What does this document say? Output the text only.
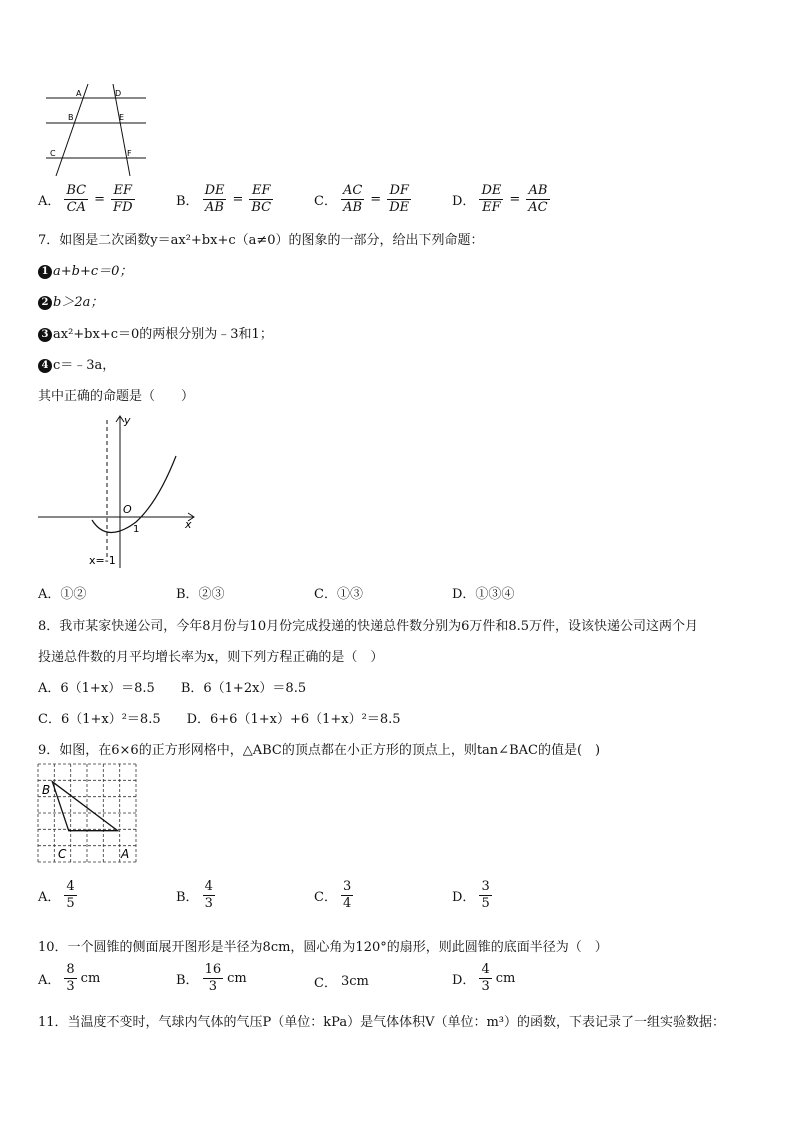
A	D
B	E
C	F
A． $\frac{BC}{CA} = \frac{EF}{FD}$	B． $\frac{DE}{AB} = \frac{EF}{BC}$	C． $\frac{AC}{AB} = \frac{DF}{DE}$	D． $\frac{DE}{EF} = \frac{AB}{AC}$
7．如图是二次函数y＝ax²+bx+c（a≠0）的图象的一部分，给出下列命题：
1 a+b+c＝0；
2 b＞2a；
3 ax²+bx+c＝0的两根分别为﹣3和1；
4 c＝﹣3a，
其中正确的命题是（　　）
y
x
O
1
x=-1
A．①②	B．②③	C．①③	D．①③④
8．我市某家快递公司，今年8月份与10月份完成投递的快递总件数分别为6万件和8.5万件，设该快递公司这两个月
投递总件数的月平均增长率为x，则下列方程正确的是（　）
A．6（1+x）＝8.5　　B．6（1+2x）＝8.5
C．6（1+x）²＝8.5　　D．6+6（1+x）+6（1+x）²＝8.5
9．如图，在6×6的正方形网格中，△ABC的顶点都在小正方形的顶点上，则tan∠BAC的值是(　)
B
C	A
A． $\frac{4}{5}$	B． $\frac{4}{3}$	C． $\frac{3}{4}$	D． $\frac{3}{5}$
10．一个圆锥的侧面展开图形是半径为8cm，圆心角为120°的扇形，则此圆锥的底面半径为（　）
A． $\frac{8}{3}$ cm	B． $\frac{16}{3}$ cm	C． 3cm	D． $\frac{4}{3}$ cm
11．当温度不变时，气球内气体的气压P（单位：kPa）是气体体积V（单位：m³）的函数，下表记录了一组实验数据：
